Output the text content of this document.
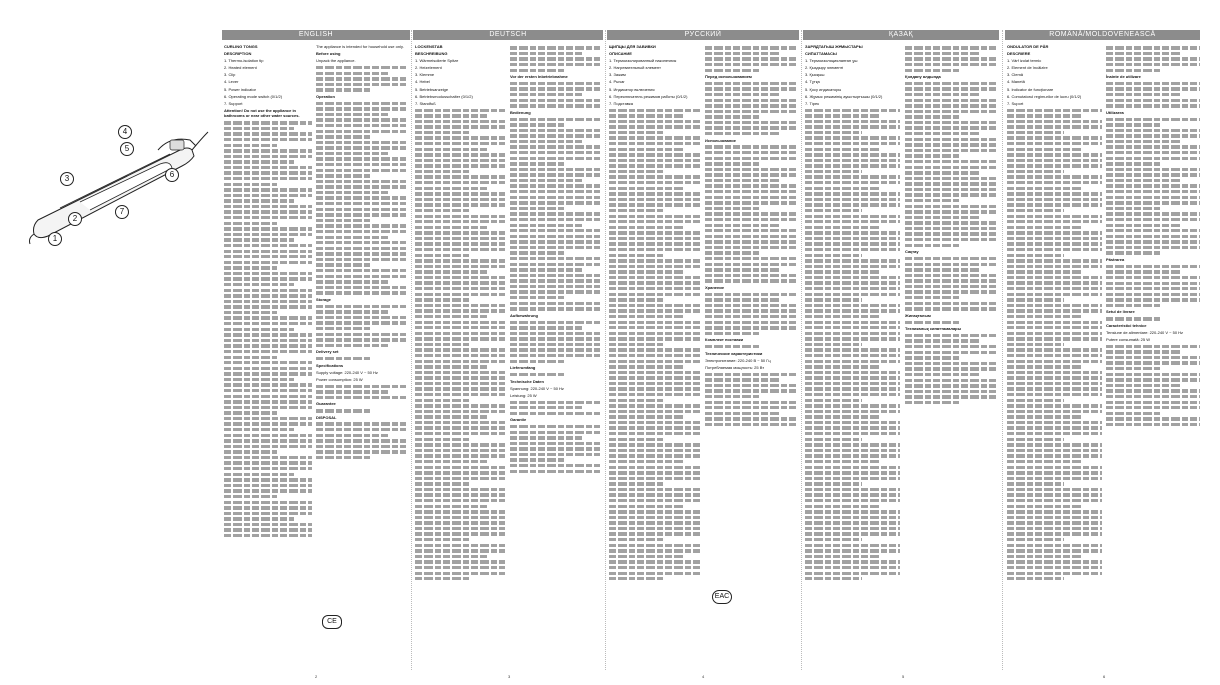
4
5
6
3
7
2
1
ENGLISH	DEUTSCH	РУССКИЙ	ҚАЗАҚ	ROMÂNĂ/MOLDOVENEASCĂ

CURLING TONGS

DESCRIPTION

1. Thermo-isolation tip

2. Heated element

3. Clip

4. Lever

5. Power indicator

6. Operating mode switch (0/1/2)

7. Support

Attention! Do not use the appliance in bathrooms or near other water sources.

The appliance is intended for household use only.

Before using

Unpack the appliance.

Operation

Storage

Delivery set

Specifications

Supply voltage: 220-240 V ~ 50 Hz

Power consumption: 25 W

Guarantee

DISPOSAL

CE

LOCKENSTAB

BESCHREIBUNG

1. Wärmeisolierte Spitze

2. Heizelement

3. Klemme

4. Hebel

5. Betriebsanzeige

6. Betriebsmodusschalter (0/1/2)

7. Standfuß

Vor der ersten Inbetriebnahme

Bedienung

Aufbewahrung

Lieferumfang

Technische Daten

Spannung: 220-240 V ~ 50 Hz

Leistung: 25 W

Garantie

ЩИПЦЫ ДЛЯ ЗАВИВКИ

ОПИСАНИЕ

1. Термоизолированный наконечник

2. Нагревательный элемент

3. Зажим

4. Рычаг

5. Индикатор включения

6. Переключатель режимов работы (0/1/2)

7. Подставка

Перед использованием

Использование

Хранение

Комплект поставки

Технические характеристики

Электропитание: 220-240 В ~ 50 Гц

Потребляемая мощность: 25 Вт

EAC

ЗАРЯДТАҒЫШ ЖҰМЫСТАРЫ

СИПАТТАМАСЫ

1. Термоизоляцияланған ұш

2. Қыздыру элементі

3. Қысқыш

4. Тұтқа

5. Қосу индикаторы

6. Жұмыс режимінің ауыстырғышы (0/1/2)

7. Тірек

Қолдану алдында

Сақтау

Жинақталым

Техникалық сипаттамалары

ONDULATOR DE PĂR

DESCRIERE

1. Vârf izolat termic

2. Element de încălzire

3. Clemă

4. Manetă

5. Indicator de funcţionare

6. Comutatorul regimurilor de lucru (0/1/2)

7. Suport

Înainte de utilizare

Utilizarea

Păstrarea

Setul de livrare

Caracteristici tehnice

Tensiune de alimentare: 220-240 V ~ 50 Hz

Putere consumată: 25 W

2	3	4	5	6
